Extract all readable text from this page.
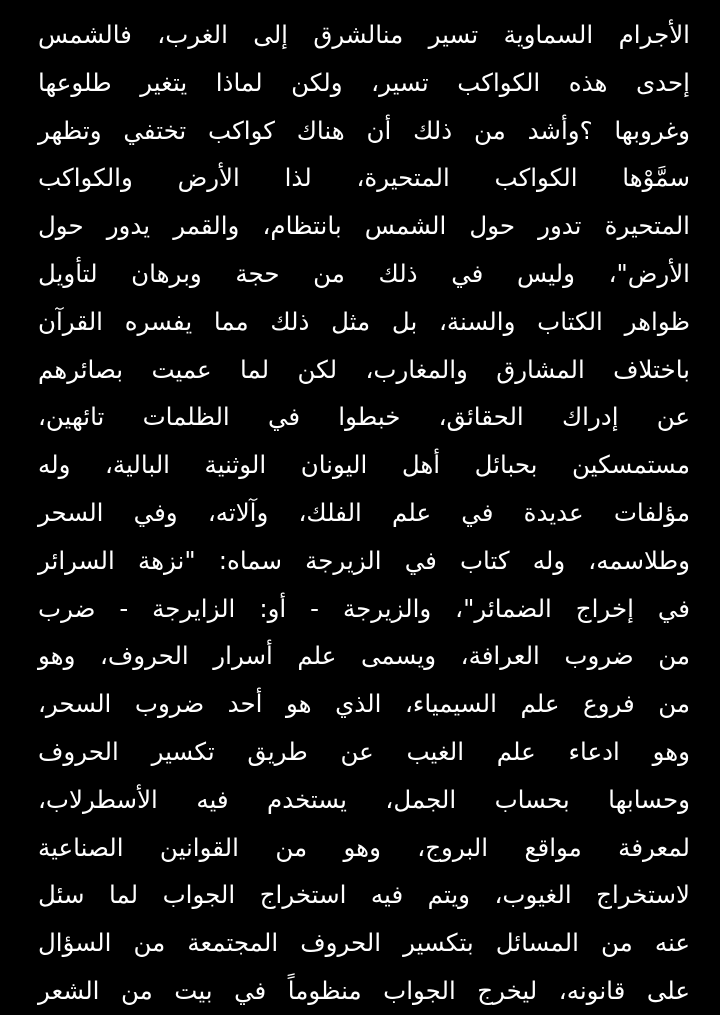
الأجرام السماوية تسير منالشرق إلى الغرب، فالشمس
إحدى هذه الكواكب تسير، ولكن لماذا يتغير طلوعها
وغروبها ؟وأشد من ذلك أن هناك كواكب تختفي وتظهر
سمَّوْها الكواكب المتحيرة، لذا الأرض والكواكب
المتحيرة تدور حول الشمس بانتظام، والقمر يدور حول
الأرض"، وليس في ذلك من حجة وبرهان لتأويل
ظواهر الكتاب والسنة، بل مثل ذلك مما يفسره القرآن
باختلاف المشارق والمغارب، لكن لما عميت بصائرهم
عن إدراك الحقائق، خبطوا في الظلمات تائهين،
مستمسكين بحبائل أهل اليونان الوثنية البالية، وله
مؤلفات عديدة في علم الفلك، وآلاته، وفي السحر
وطلاسمه، وله كتاب في الزيرجة سماه: "نزهة السرائر
في إخراج الضمائر"، والزيرجة - أو: الزايرجة - ضرب
من ضروب العرافة، ويسمى علم أسرار الحروف، وهو
من فروع علم السيمياء، الذي هو أحد ضروب السحر،
وهو ادعاء علم الغيب عن طريق تكسير الحروف
وحسابها بحساب الجمل، يستخدم فيه الأسطرلاب،
لمعرفة مواقع البروج، وهو من القوانين الصناعية
لاستخراج الغيوب، ويتم فيه استخراج الجواب لما سئل
عنه من المسائل بتكسير الحروف المجتمعة من السؤال
على قانونه، ليخرج الجواب منظوماً في بيت من الشعر
